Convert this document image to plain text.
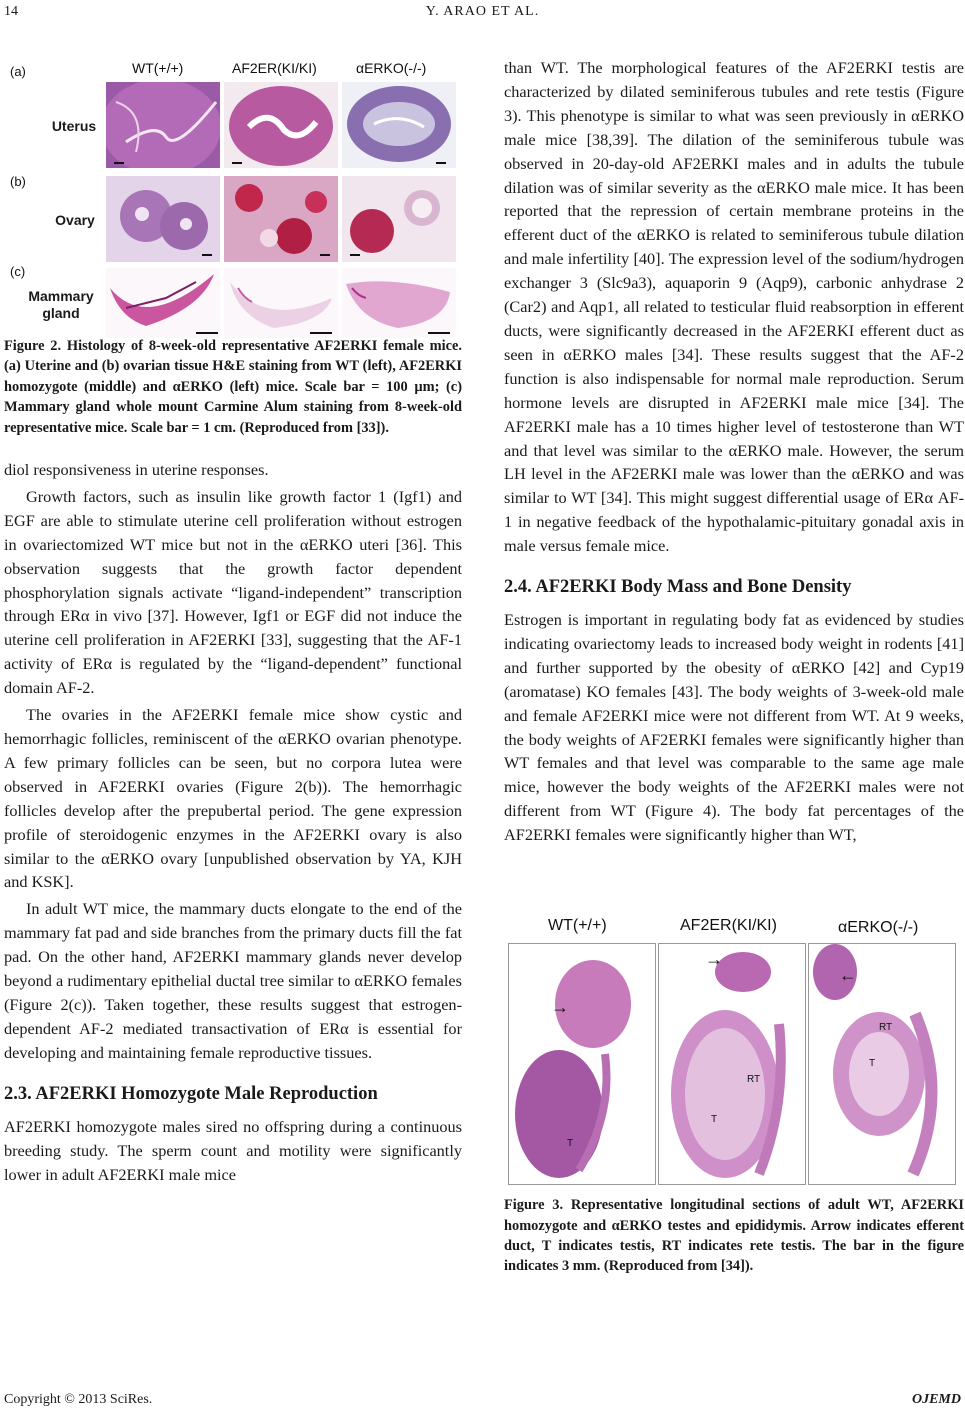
14	Y. ARAO ET AL.
(a)
(b)
(c)
WT(+/+)	AF2ER(KI/KI)	αERKO(-/-)
Uterus
Ovary
Mammary gland
Figure 2. Histology of 8-week-old representative AF2ERKI female mice. (a) Uterine and (b) ovarian tissue H&E staining from WT (left), AF2ERKI homozygote (middle) and αERKO (left) mice. Scale bar = 100 µm; (c) Mammary gland whole mount Carmine Alum staining from 8-week-old representative mice. Scale bar = 1 cm. (Reproduced from [33]).

diol responsiveness in uterine responses.

Growth factors, such as insulin like growth factor 1 (Igf1) and EGF are able to stimulate uterine cell proliferation without estrogen in ovariectomized WT mice but not in the αERKO uteri [36]. This observation suggests that the growth factor dependent phosphorylation signals activate “ligand-independent” transcription through ERα in vivo [37]. However, Igf1 or EGF did not induce the uterine cell proliferation in AF2ERKI [33], suggesting that the AF-1 activity of ERα is regulated by the “ligand-dependent” functional domain AF-2.

The ovaries in the AF2ERKI female mice show cystic and hemorrhagic follicles, reminiscent of the αERKO ovarian phenotype. A few primary follicles can be seen, but no corpora lutea were observed in AF2ERKI ovaries (Figure 2(b)). The hemorrhagic follicles develop after the prepubertal period. The gene expression profile of steroidogenic enzymes in the AF2ERKI ovary is also similar to the αERKO ovary [unpublished observation by YA, KJH and KSK].

In adult WT mice, the mammary ducts elongate to the end of the mammary fat pad and side branches from the primary ducts fill the fat pad. On the other hand, AF2ERKI mammary glands never develop beyond a rudimentary epithelial ductal tree similar to αERKO females (Figure 2(c)). Taken together, these results suggest that estrogen-dependent AF-2 mediated transactivation of ERα is essential for developing and maintaining female reproductive tissues.

2.3. AF2ERKI Homozygote Male Reproduction

AF2ERKI homozygote males sired no offspring during a continuous breeding study. The sperm count and motility were significantly lower in adult AF2ERKI male mice

than WT. The morphological features of the AF2ERKI testis are characterized by dilated seminiferous tubules and rete testis (Figure 3). This phenotype is similar to what was seen previously in αERKO male mice [38,39]. The dilation of the seminiferous tubule was observed in 20-day-old AF2ERKI males and in adults the tubule dilation was of similar severity as the αERKO male mice. It has been reported that the repression of certain membrane proteins in the efferent duct of the αERKO is related to seminiferous tubule dilation and male infertility [40]. The expression level of the sodium/hydrogen exchanger 3 (Slc9a3), aquaporin 9 (Aqp9), carbonic anhydrase 2 (Car2) and Aqp1, all related to testicular fluid reabsorption in efferent ducts, were significantly decreased in the AF2ERKI efferent duct as seen in αERKO males [34]. These results suggest that the AF-2 function is also indispensable for normal male reproduction. Serum hormone levels are disrupted in AF2ERKI male mice [34]. The AF2ERKI male has a 10 times higher level of testosterone than WT and that level was similar to the αERKO male. However, the serum LH level in the AF2ERKI male was lower than the αERKO and was similar to WT [34]. This might suggest differential usage of ERα AF-1 in negative feedback of the hypothalamic-pituitary gonadal axis in male versus female mice.

2.4. AF2ERKI Body Mass and Bone Density

Estrogen is important in regulating body fat as evidenced by studies indicating ovariectomy leads to increased body weight in rodents [41] and further supported by the obesity of αERKO [42] and Cyp19 (aromatase) KO females [43]. The body weights of 3-week-old male and female AF2ERKI mice were not different from WT. At 9 weeks, the body weights of AF2ERKI females were significantly higher than WT females and that level was comparable to the same age male mice, however the body weights of the AF2ERKI males were not different from WT (Figure 4). The body fat percentages of the AF2ERKI females were significantly higher than WT,

WT(+/+)	AF2ER(KI/KI)	αERKO(-/-)
→
T
→
RT
T
←
RT
T
Figure 3. Representative longitudinal sections of adult WT, AF2ERKI homozygote and αERKO testes and epididymis. Arrow indicates efferent duct, T indicates testis, RT indicates rete testis. The bar in the figure indicates 3 mm. (Reproduced from [34]).
Copyright © 2013 SciRes.	OJEMD
